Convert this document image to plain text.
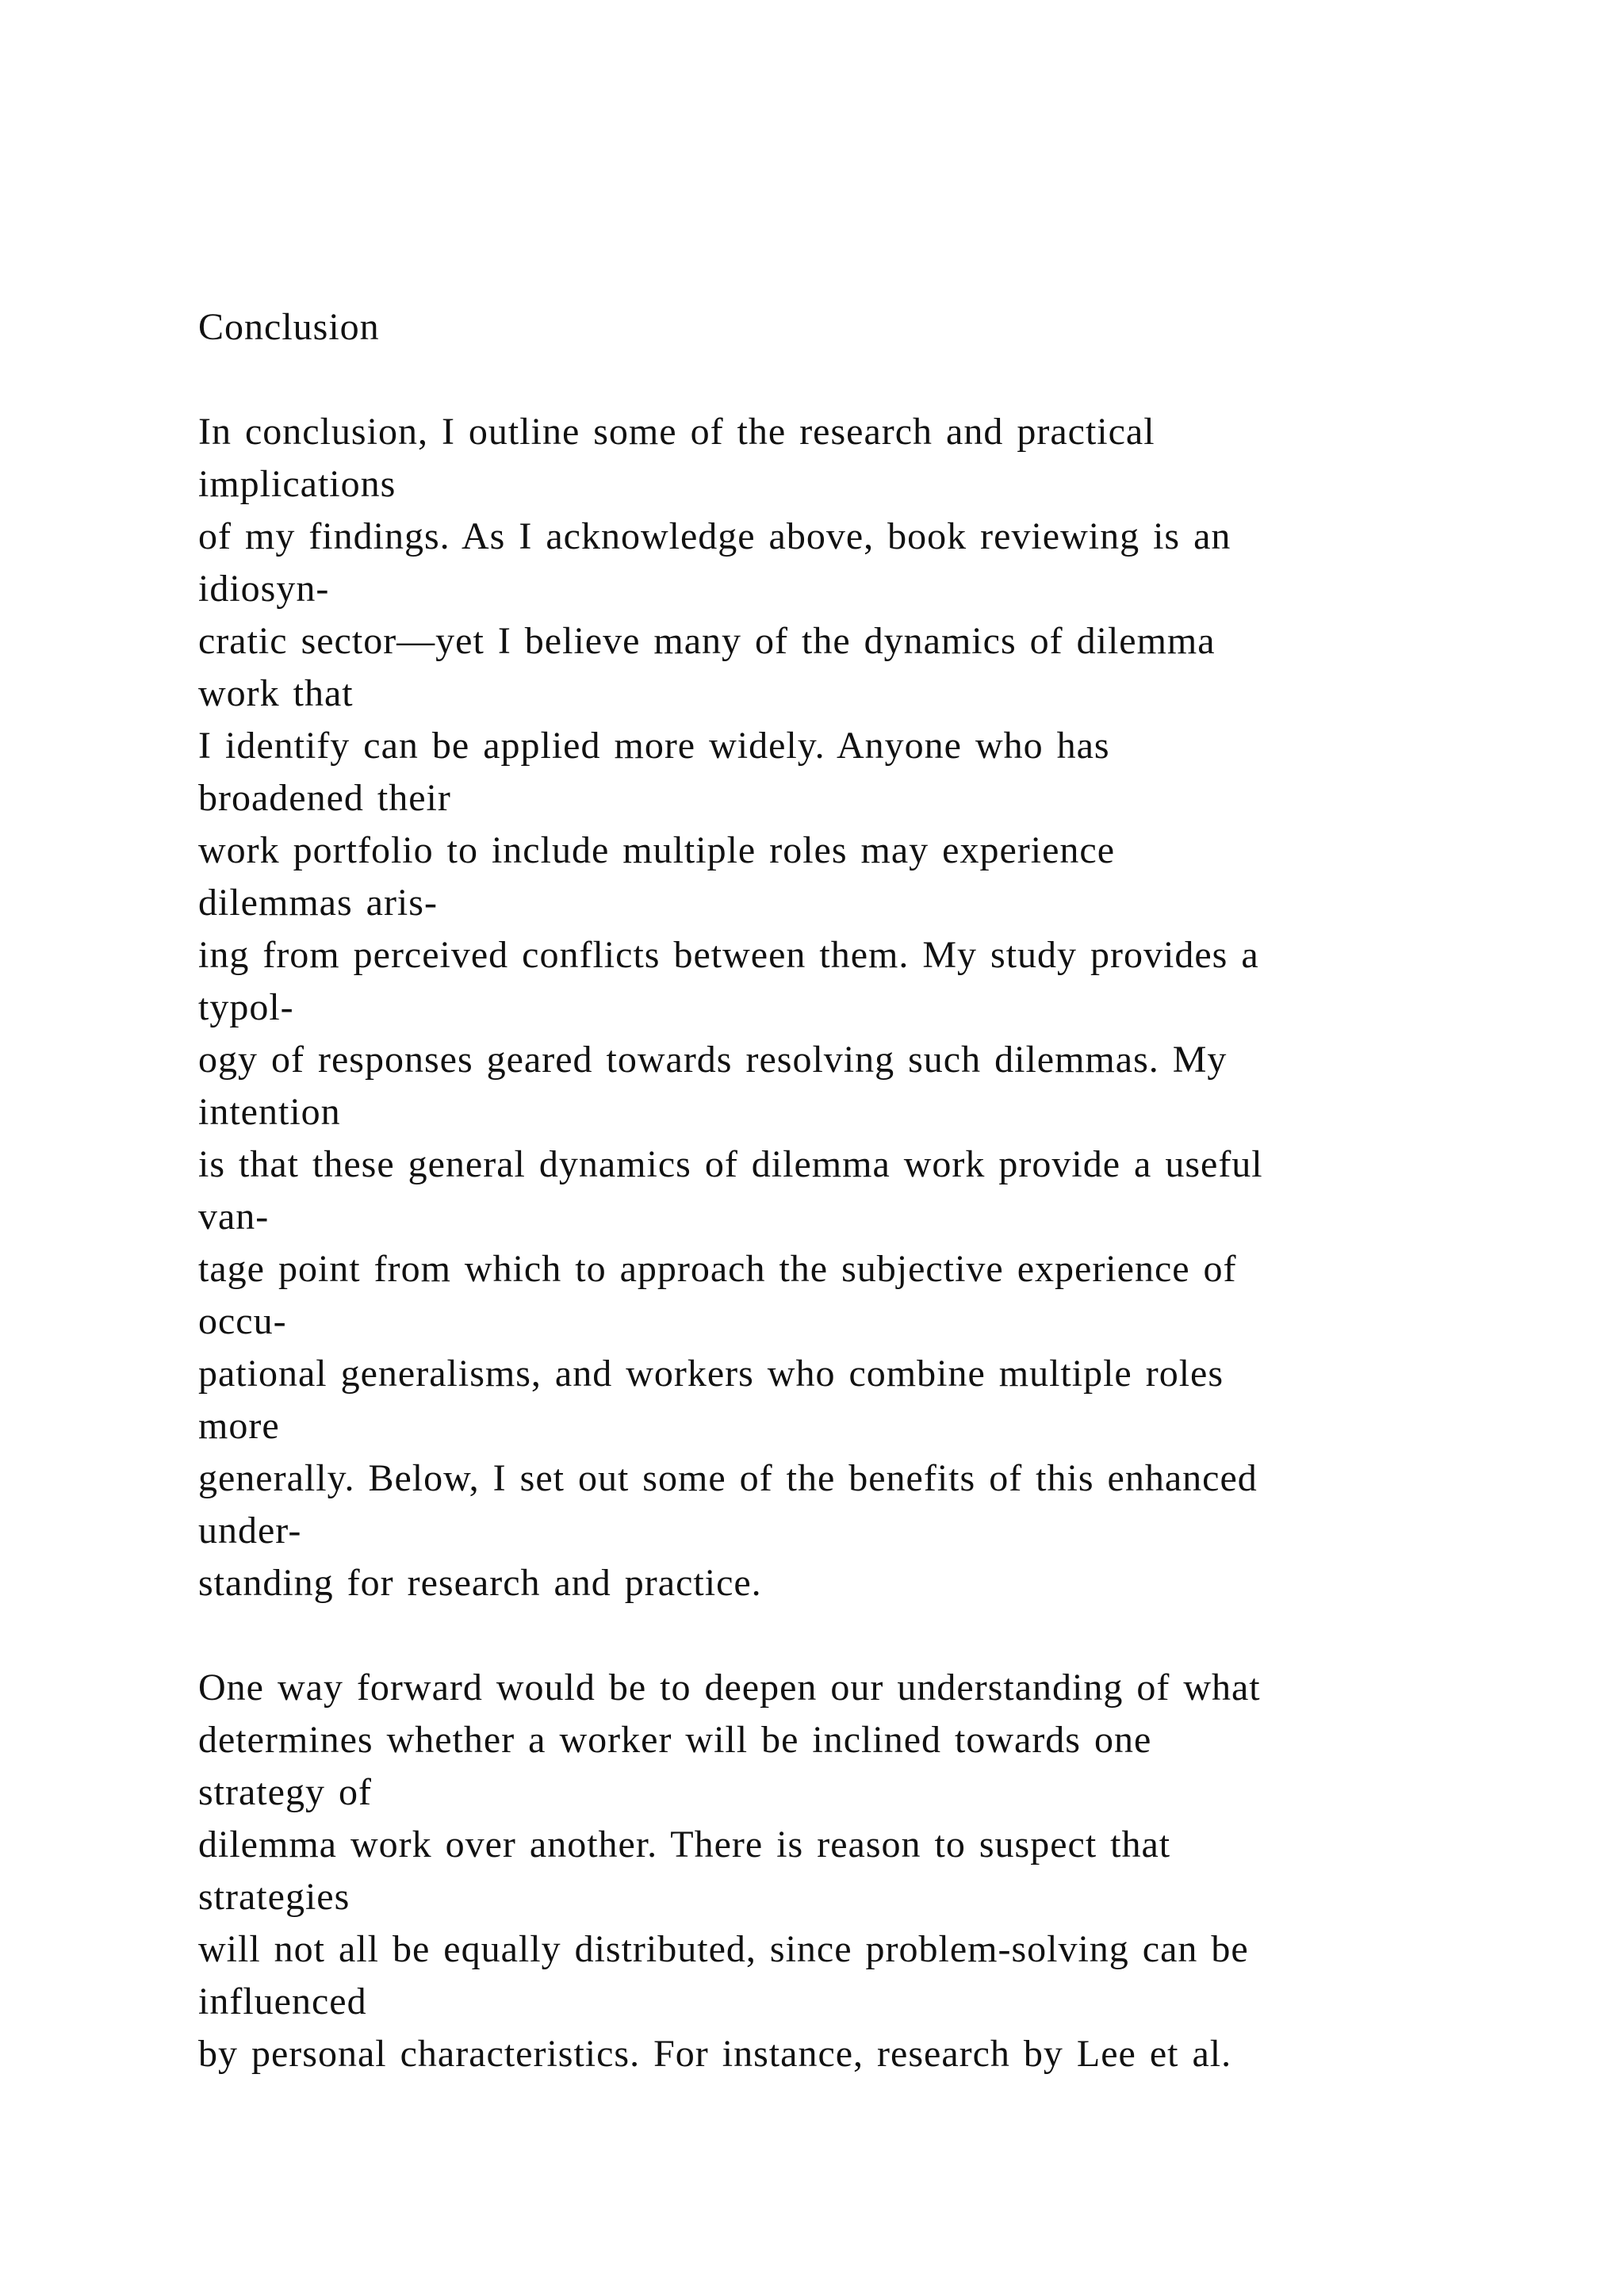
Conclusion
In conclusion, I outline some of the research and practical
implications
of my findings. As I acknowledge above, book reviewing is an
idiosyn-
cratic sector—yet I believe many of the dynamics of dilemma
work that
I identify can be applied more widely. Anyone who has
broadened their
work portfolio to include multiple roles may experience
dilemmas aris-
ing from perceived conflicts between them. My study provides a
typol-
ogy of responses geared towards resolving such dilemmas. My
intention
is that these general dynamics of dilemma work provide a useful
van-
tage point from which to approach the subjective experience of
occu-
pational generalisms, and workers who combine multiple roles
more
generally. Below, I set out some of the benefits of this enhanced
under-
standing for research and practice.
One way forward would be to deepen our understanding of what
determines whether a worker will be inclined towards one
strategy of
dilemma work over another. There is reason to suspect that
strategies
will not all be equally distributed, since problem-solving can be
influenced
by personal characteristics. For instance, research by Lee et al.
